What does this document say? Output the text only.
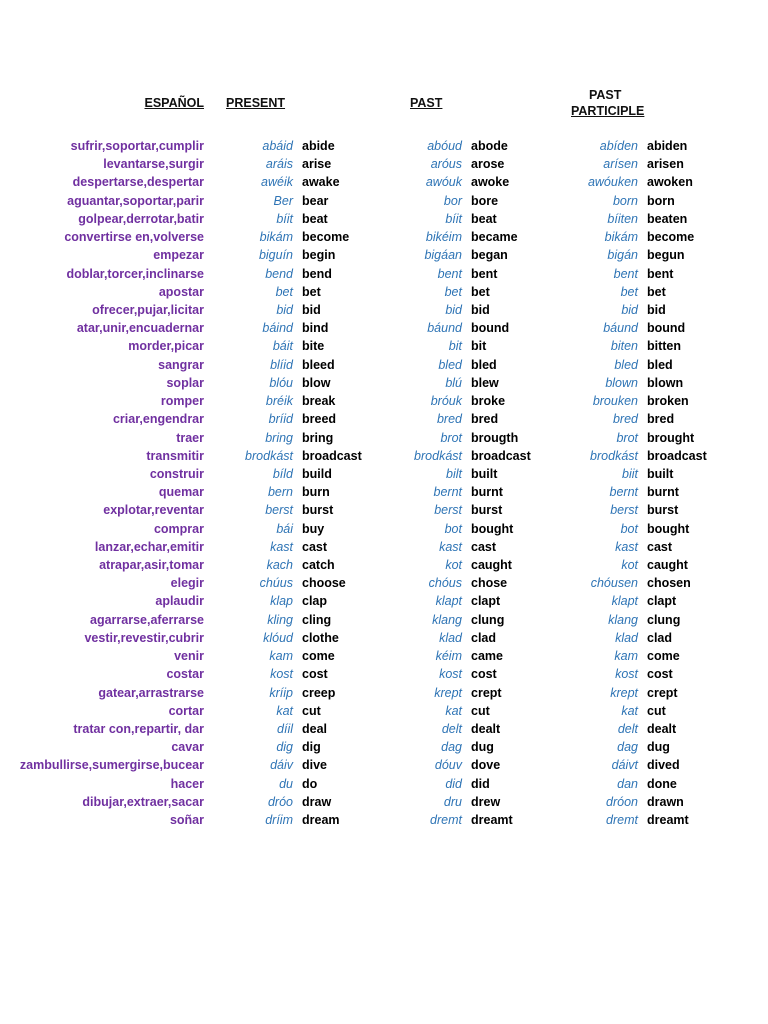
ESPAÑOL PRESENT	PAST
PAST
PARTICIPLE
sufrir,soportar,cumplir	abáid abide	abóud abode	abíden abiden
levantarse,surgir	aráis arise	aróus arose	arísen arisen
despertarse,despertar	awéik awake	awóuk awoke	awóuken awoken
aguantar,soportar,parir	Ber bear	bor bore	born born
golpear,derrotar,batir	bíit beat	bíit beat	bíiten beaten
convertirse en,volverse	bikám become	bikéim became	bikám become
empezar	biguín begin	bigáan began	bigán begun
doblar,torcer,inclinarse	bend bend	bent bent	bent bent
apostar	bet bet	bet bet	bet bet
ofrecer,pujar,licitar	bid bid	bid bid	bid bid
atar,unir,encuadernar	báind bind	báund bound	báund bound
morder,picar	báit bite	bit bit	biten bitten
sangrar	blíid bleed	bled bled	bled bled
soplar	blóu blow	blú blew	blown blown
romper	bréik break	bróuk broke	brouken broken
criar,engendrar	bríid breed	bred bred	bred bred
traer	bring bring	brot brougth	brot brought
transmitir	brodkást broadcast	brodkást broadcast	brodkást broadcast
construir	bíld build	bilt built	biit built
quemar	bern burn	bernt burnt	bernt burnt
explotar,reventar	berst burst	berst burst	berst burst
comprar	bái buy	bot bought	bot bought
lanzar,echar,emitir	kast cast	kast cast	kast cast
atrapar,asir,tomar	kach catch	kot caught	kot caught
elegir	chúus choose	chóus chose	chóusen chosen
aplaudir	klap clap	klapt clapt	klapt clapt
agarrarse,aferrarse	kling cling	klang clung	klang clung
vestir,revestir,cubrir	klóud clothe	klad clad	klad clad
venir	kam come	kéim came	kam come
costar	kost cost	kost cost	kost cost
gatear,arrastrarse	kríip creep	krept crept	krept crept
cortar	kat cut	kat cut	kat cut
tratar con,repartir, dar	díil deal	delt dealt	delt dealt
cavar	dig dig	dag dug	dag dug
zambullirse,sumergirse,bucear	dáiv dive	dóuv dove	dáivt dived
hacer	du do	did did	dan done
dibujar,extraer,sacar	dróo draw	dru drew	dróon drawn
soñar	dríim dream	dremt dreamt	dremt dreamt
